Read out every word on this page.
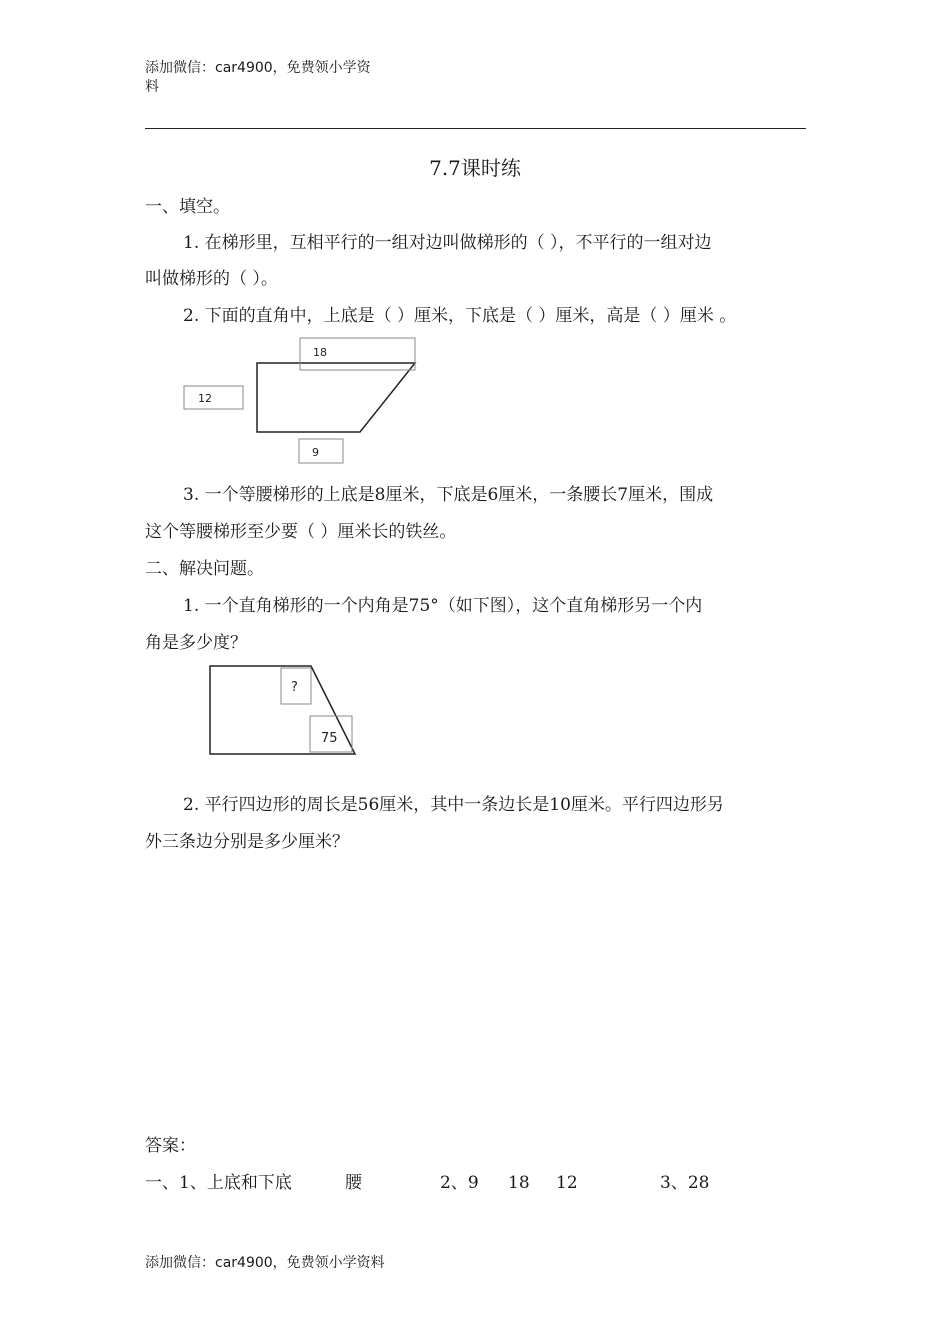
添加微信：car4900，免费领小学资
料
7.7课时练
一、填空。
1. 在梯形里，互相平行的一组对边叫做梯形的（ ），不平行的一组对边
叫做梯形的（ ）。
2. 下面的直角中，上底是（ ）厘米，下底是（ ）厘米，高是（ ）厘米 。
18
12
9
3. 一个等腰梯形的上底是8厘米，下底是6厘米，一条腰长7厘米，围成
这个等腰梯形至少要（ ）厘米长的铁丝。
二、解决问题。
1. 一个直角梯形的一个内角是75°（如下图），这个直角梯形另一个内
角是多少度？
?
75
2. 平行四边形的周长是56厘米，其中一条边长是10厘米。平行四边形另
外三条边分别是多少厘米？
答案：
一、1、上底和下底	腰	2、9 18 12	3、28
添加微信：car4900，免费领小学资料
